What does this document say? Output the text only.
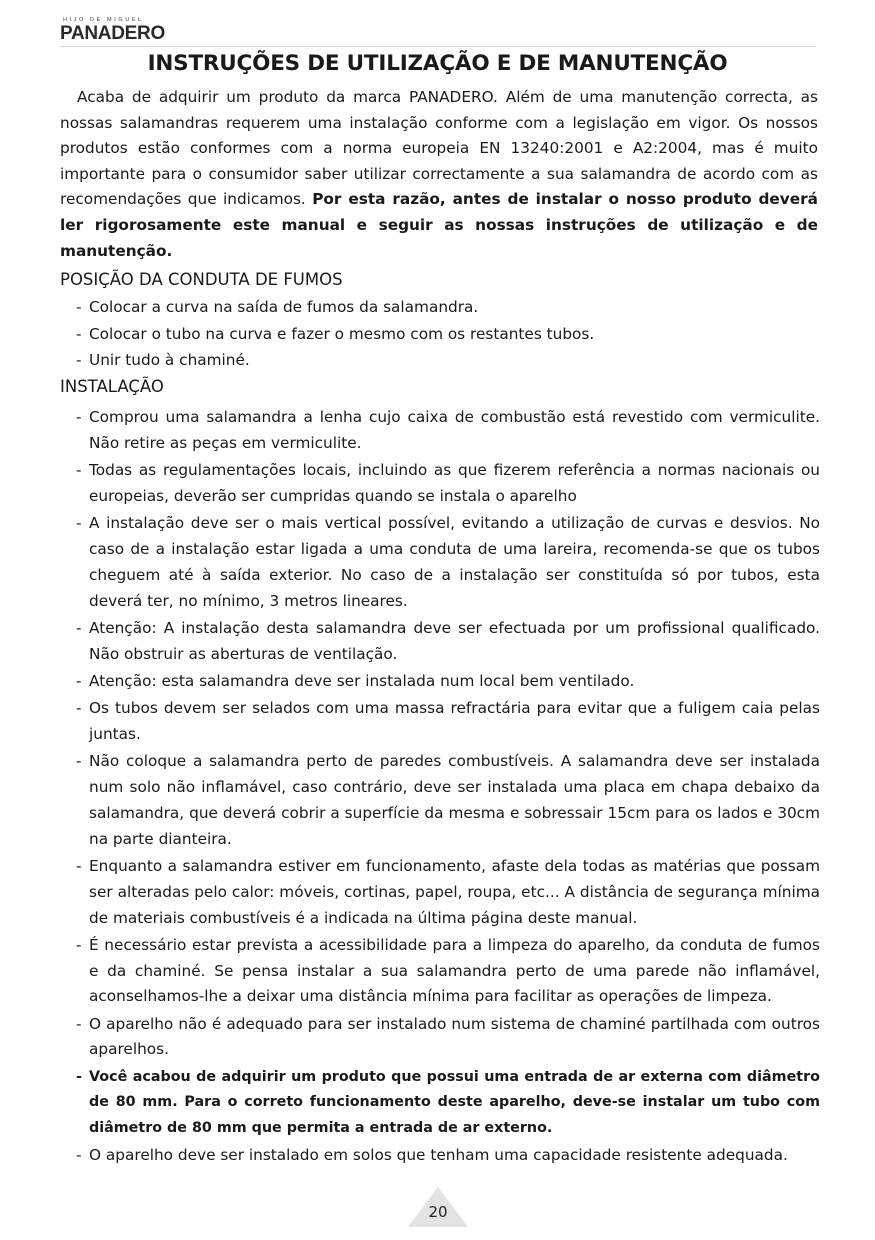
HIJO DE MIGUEL
PANADERO
INSTRUÇÕES DE UTILIZAÇÃO E DE MANUTENÇÃO
Acaba de adquirir um produto da marca PANADERO. Além de uma manutenção correcta, as nossas salamandras requerem uma instalação conforme com a legislação em vigor. Os nossos produtos estão conformes com a norma europeia EN 13240:2001 e A2:2004, mas é muito importante para o consumidor saber utilizar correctamente a sua salamandra de acordo com as recomendações que indicamos. Por esta razão, antes de instalar o nosso produto deverá ler rigorosamente este manual e seguir as nossas instruções de utilização e de manutenção.
POSIÇÃO DA CONDUTA DE FUMOS
- Colocar a curva na saída de fumos da salamandra.
- Colocar o tubo na curva e fazer o mesmo com os restantes tubos.
- Unir tudo à chaminé.
INSTALAÇÃO
- Comprou uma salamandra a lenha cujo caixa de combustão está revestido com vermiculite. Não retire as peças em vermiculite.
- Todas as regulamentações locais, incluindo as que fizerem referência a normas nacionais ou europeias, deverão ser cumpridas quando se instala o aparelho
- A instalação deve ser o mais vertical possível, evitando a utilização de curvas e desvios. No caso de a instalação estar ligada a uma conduta de uma lareira, recomenda-se que os tubos cheguem até à saída exterior. No caso de a instalação ser constituída só por tubos, esta deverá ter, no mínimo, 3 metros lineares.
- Atenção: A instalação desta salamandra deve ser efectuada por um profissional qualificado. Não obstruir as aberturas de ventilação.
- Atenção: esta salamandra deve ser instalada num local bem ventilado.
- Os tubos devem ser selados com uma massa refractária para evitar que a fuligem caia pelas juntas.
- Não coloque a salamandra perto de paredes combustíveis. A salamandra deve ser instalada num solo não inflamável, caso contrário, deve ser instalada uma placa em chapa debaixo da salamandra, que deverá cobrir a superfície da mesma e sobressair 15cm para os lados e 30cm na parte dianteira.
- Enquanto a salamandra estiver em funcionamento, afaste dela todas as matérias que possam ser alteradas pelo calor: móveis, cortinas, papel, roupa, etc... A distância de segurança mínima de materiais combustíveis é a indicada na última página deste manual.
- É necessário estar prevista a acessibilidade para a limpeza do aparelho, da conduta de fumos e da chaminé. Se pensa instalar a sua salamandra perto de uma parede não inflamável, aconselhamos-lhe a deixar uma distância mínima para facilitar as operações de limpeza.
- O aparelho não é adequado para ser instalado num sistema de chaminé partilhada com outros aparelhos.
- Você acabou de adquirir um produto que possui uma entrada de ar externa com diâmetro de 80 mm. Para o correto funcionamento deste aparelho, deve-se instalar um tubo com diâmetro de 80 mm que permita a entrada de ar externo.
- O aparelho deve ser instalado em solos que tenham uma capacidade resistente adequada.
20
